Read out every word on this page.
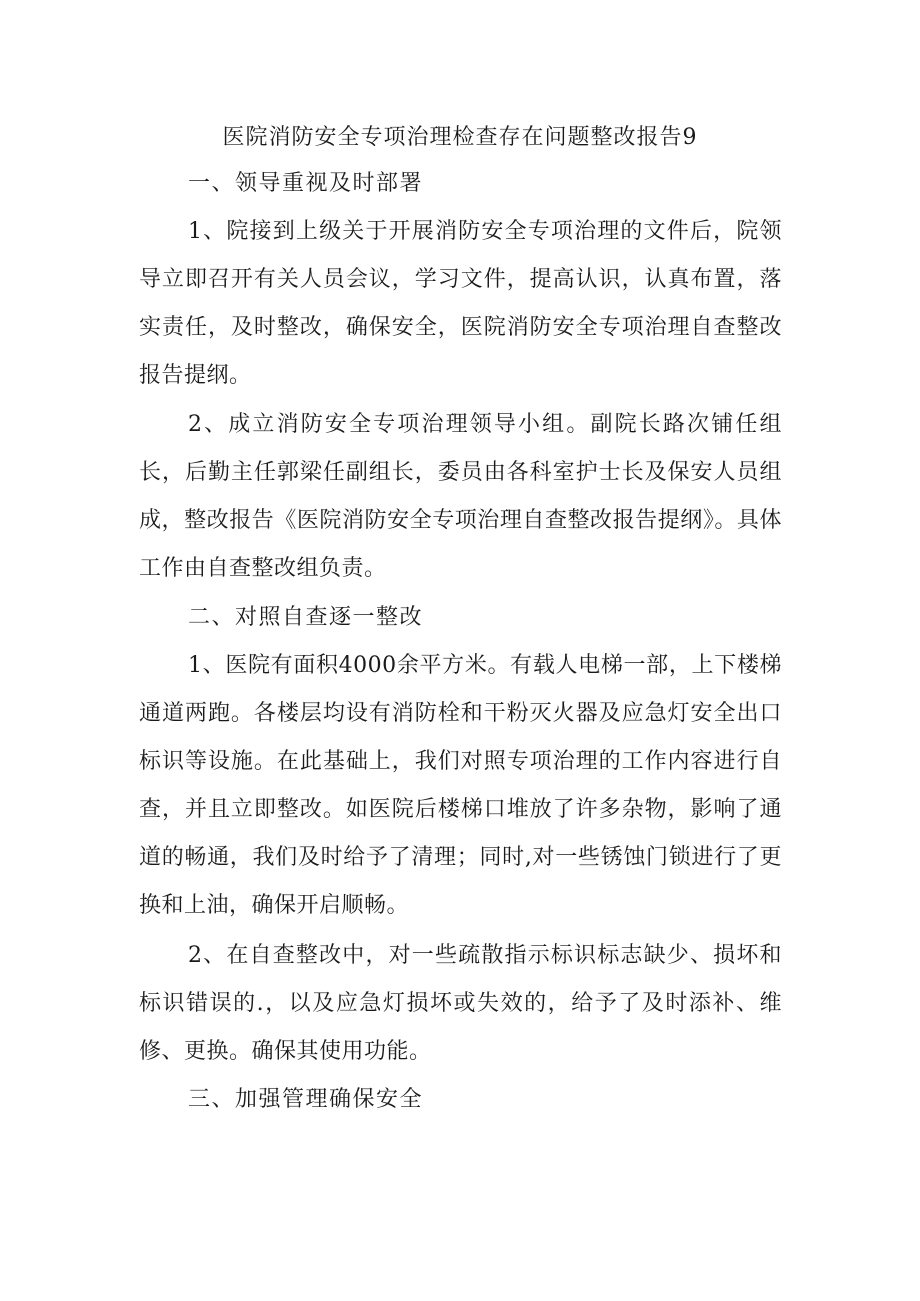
医院消防安全专项治理检查存在问题整改报告9
一、领导重视及时部署
1、院接到上级关于开展消防安全专项治理的文件后，院领导立即召开有关人员会议，学习文件，提高认识，认真布置，落实责任，及时整改，确保安全，医院消防安全专项治理自查整改报告提纲。
2、成立消防安全专项治理领导小组。副院长路次铺任组长，后勤主任郭梁任副组长，委员由各科室护士长及保安人员组成，整改报告《医院消防安全专项治理自查整改报告提纲》。具体工作由自查整改组负责。
二、对照自查逐一整改
1、医院有面积4000余平方米。有载人电梯一部，上下楼梯通道两跑。各楼层均设有消防栓和干粉灭火器及应急灯安全出口标识等设施。在此基础上，我们对照专项治理的工作内容进行自查，并且立即整改。如医院后楼梯口堆放了许多杂物，影响了通道的畅通，我们及时给予了清理；同时,对一些锈蚀门锁进行了更换和上油，确保开启顺畅。
2、在自查整改中，对一些疏散指示标识标志缺少、损坏和标识错误的.，以及应急灯损坏或失效的，给予了及时添补、维修、更换。确保其使用功能。
三、加强管理确保安全
